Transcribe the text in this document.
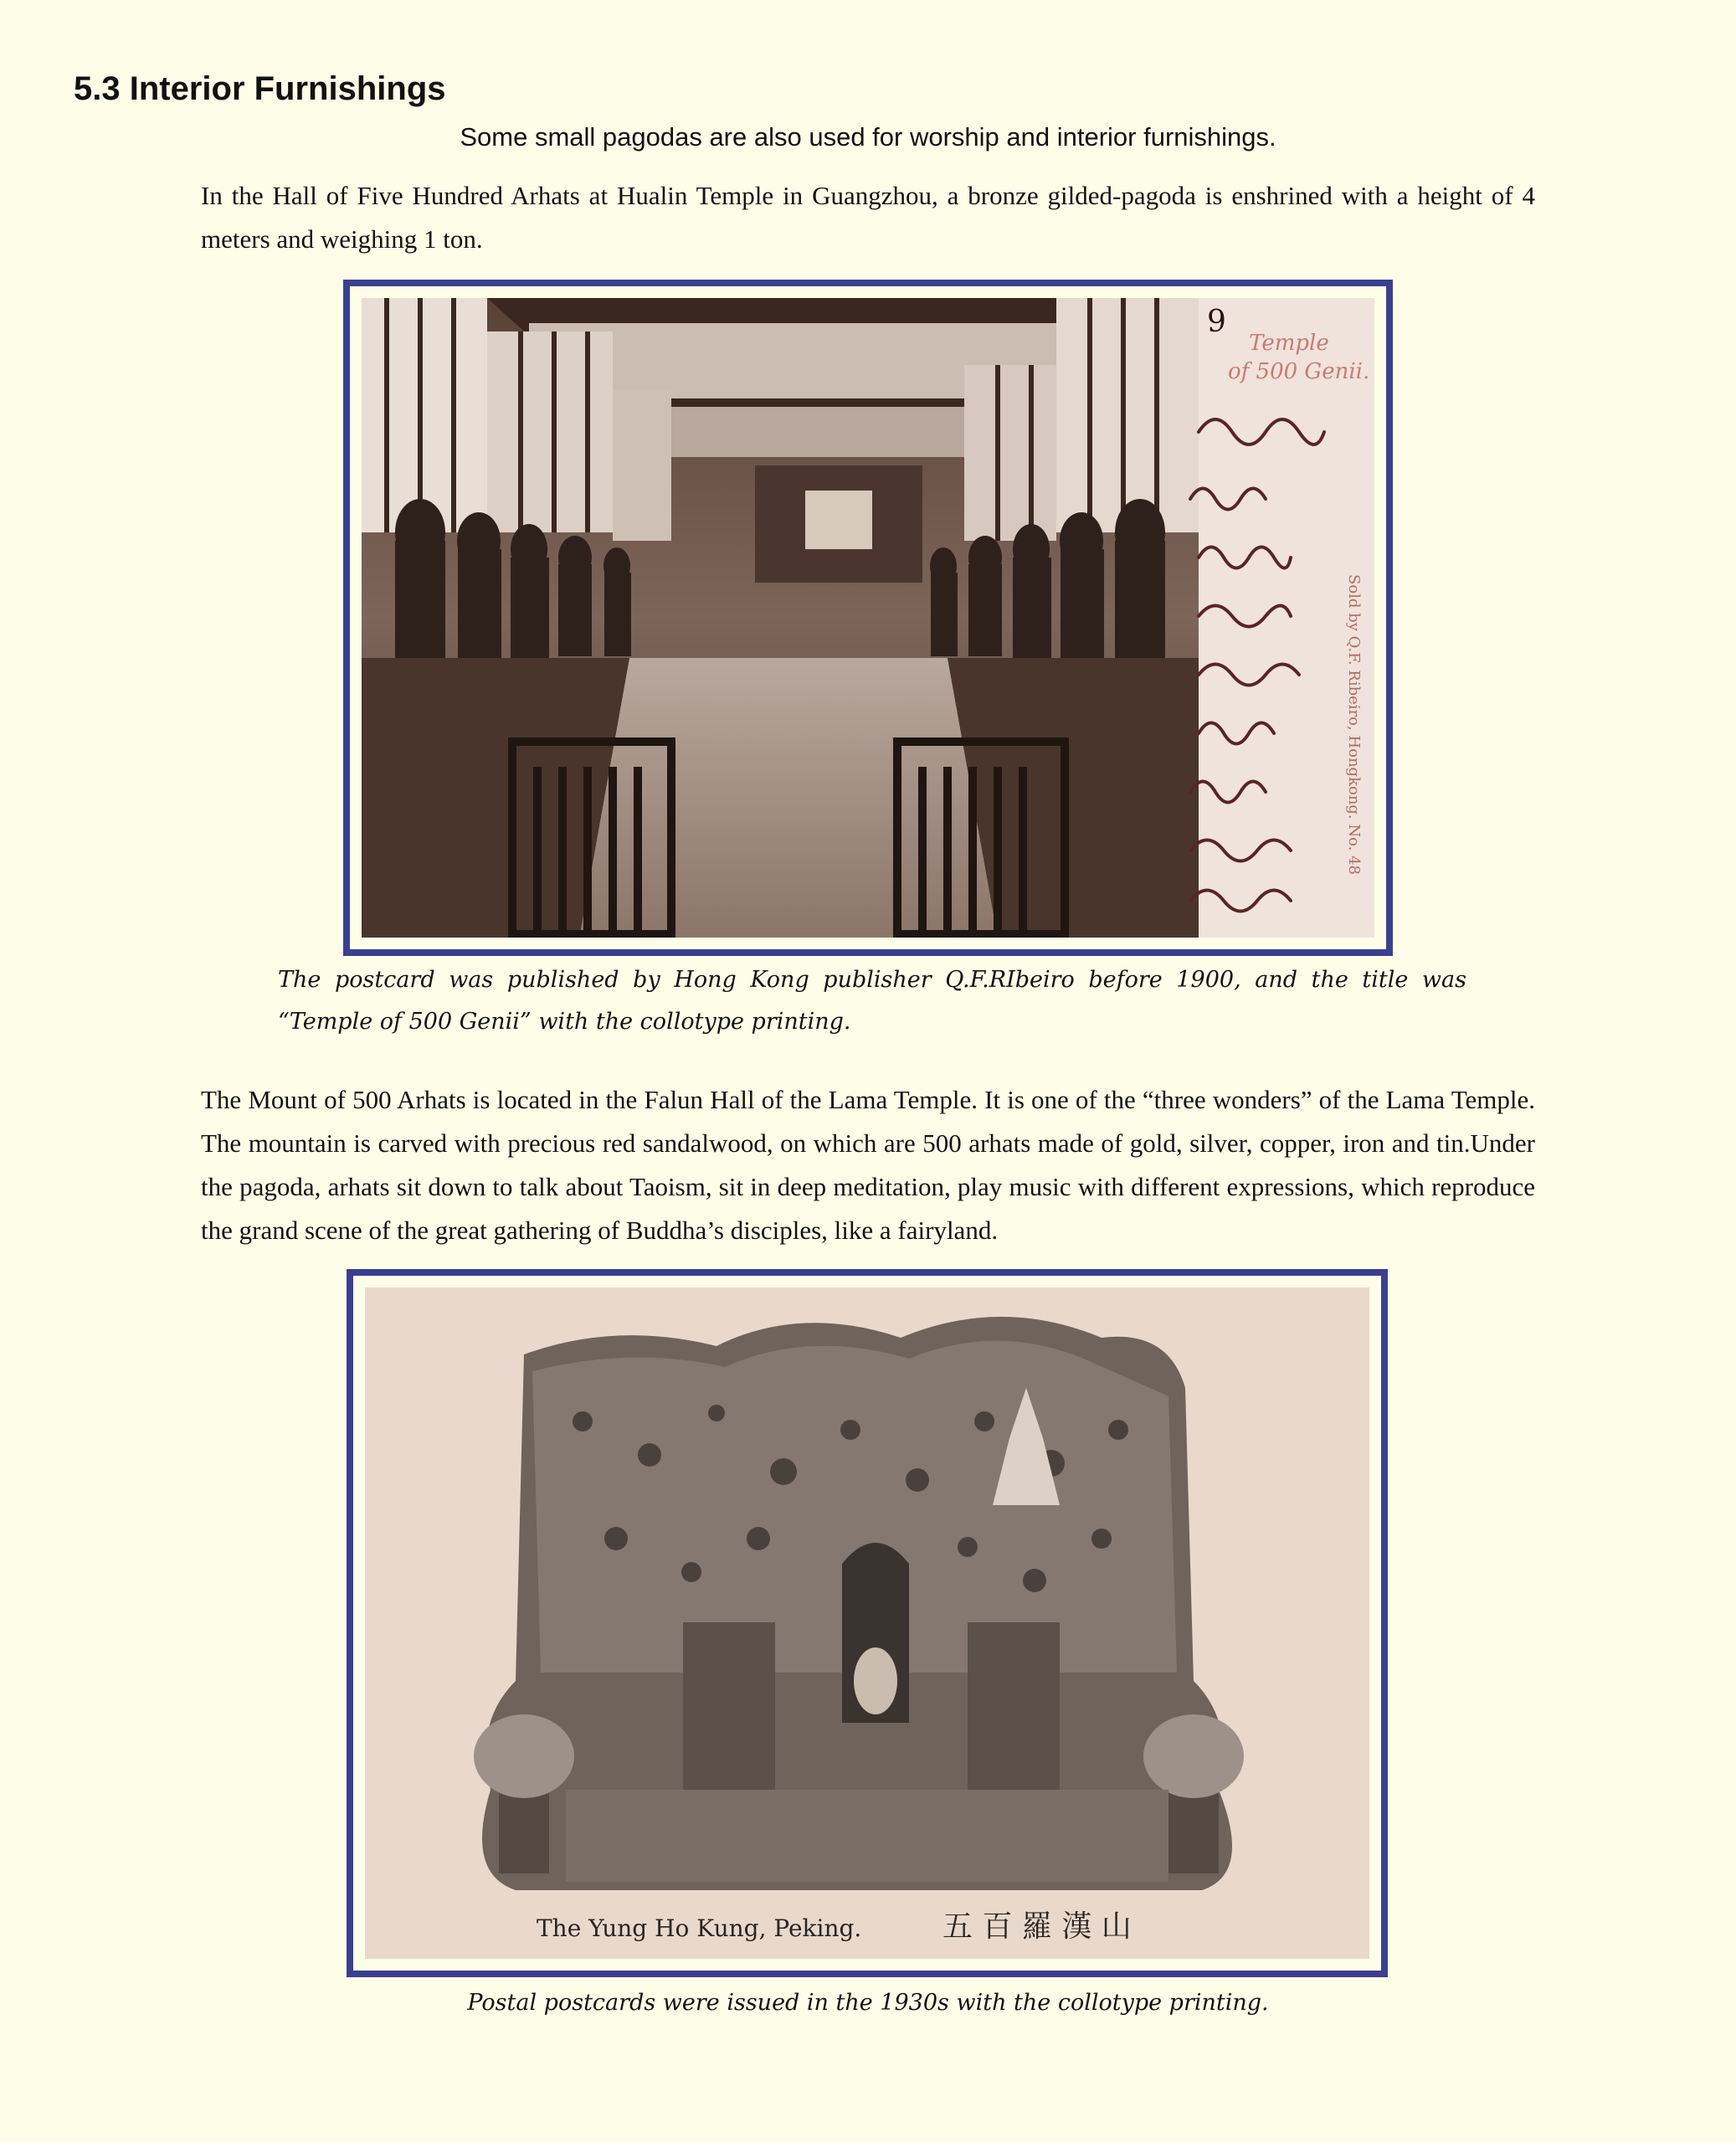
5.3 Interior Furnishings

Some small pagodas are also used for worship and interior furnishings.

In the Hall of Five Hundred Arhats at Hualin Temple in Guangzhou, a bronze gilded-pagoda is enshrined with a height of 4 meters and weighing 1 ton.

9
Temple
of 500 Genii.
Sold by Q.F. Ribeiro, Hongkong. No. 48

The postcard was published by Hong Kong publisher Q.F.RIbeiro before 1900, and the title was “Temple of 500 Genii” with the collotype printing.

The Mount of 500 Arhats is located in the Falun Hall of the Lama Temple. It is one of the “three wonders” of the Lama Temple. The mountain is carved with precious red sandalwood, on which are 500 arhats made of gold, silver, copper, iron and tin.Under the pagoda, arhats sit down to talk about Taoism, sit in deep meditation, play music with different expressions, which reproduce the grand scene of the great gathering of Buddha’s disciples, like a fairyland.

The Yung Ho Kung, Peking.	五 百 羅 漢 山

Postal postcards were issued in the 1930s with the collotype printing.
